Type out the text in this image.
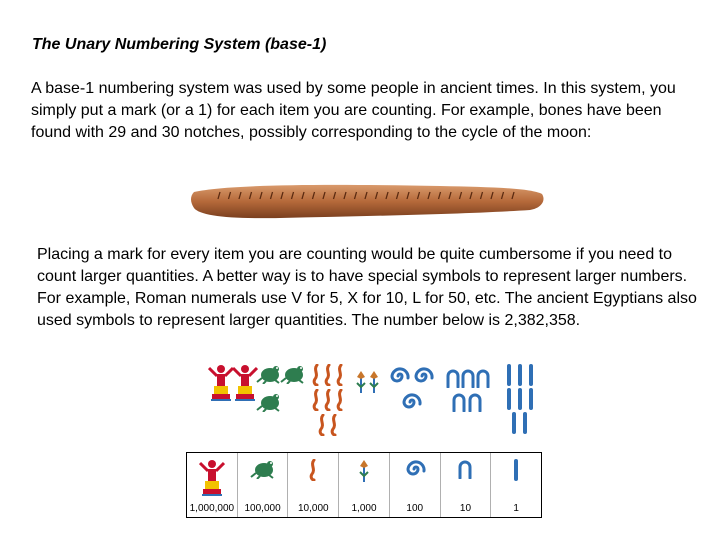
The Unary Numbering System (base-1)

A base-1 numbering system was used by some people in ancient times. In this system, you simply put a mark (or a 1) for each item you are counting. For example, bones have been found with 29 and 30 notches, possibly corresponding to the cycle of the moon:

Placing a mark for every item you are counting would be quite cumbersome if you need to count larger quantities. A better way is to have special symbols to represent larger numbers. For example, Roman numerals use V for 5, X for 10, L for 50, etc. The ancient Egyptians also used symbols to represent larger quantities. The number below is 2,382,358.

1,000,000	100,000	10,000	1,000	100	10	1
